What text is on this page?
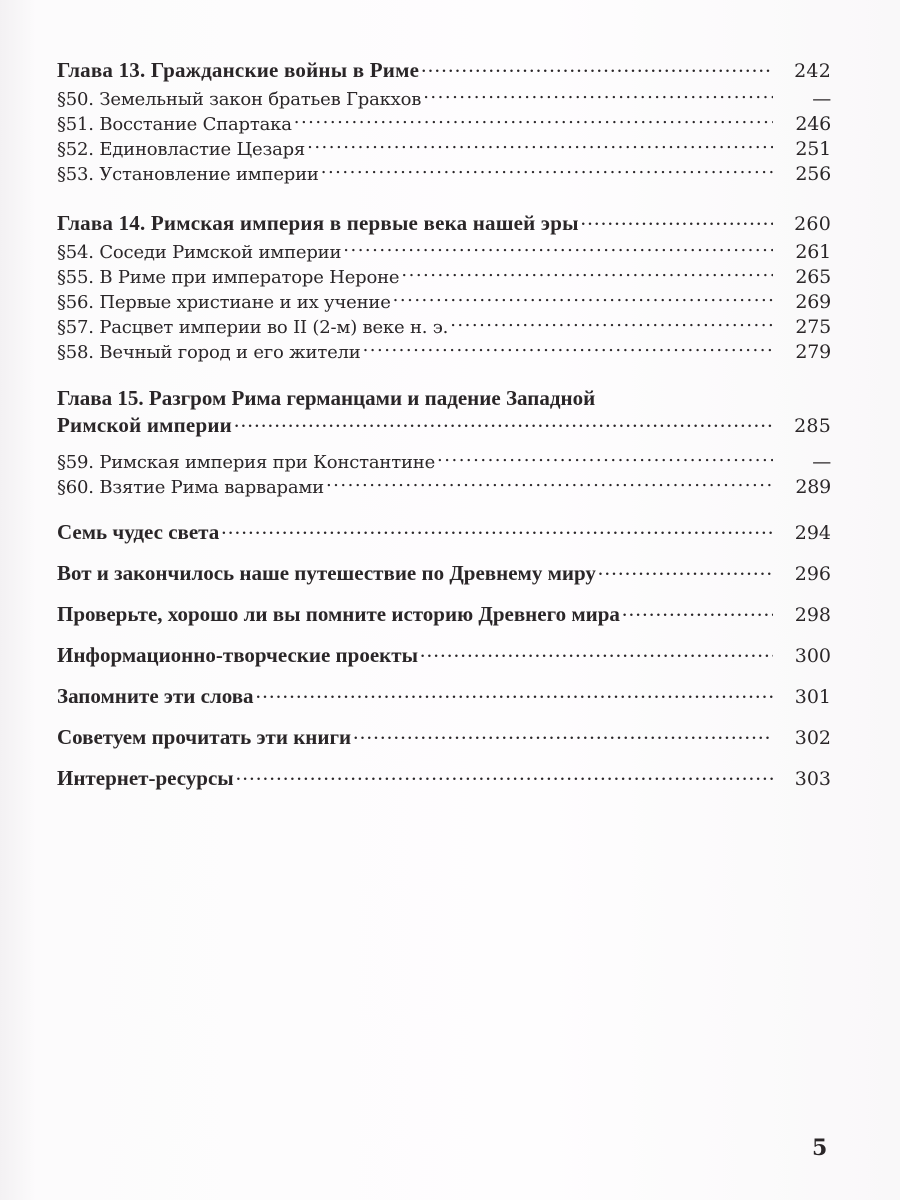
Глава 13. Гражданские войны в Риме .....	242
§50. Земельный закон братьев Гракхов .....	—
§51. Восстание Спартака .....	246
§52. Единовластие Цезаря .....	251
§53. Установление империи .....	256
Глава 14. Римская империя в первые века нашей эры .....	260
§54. Соседи Римской империи .....	261
§55. В Риме при императоре Нероне .....	265
§56. Первые христиане и их учение .....	269
§57. Расцвет империи во II (2-м) веке н. э. .....	275
§58. Вечный город и его жители .....	279
Глава 15. Разгром Рима германцами и падение Западной
Римской империи .....	285
§59. Римская империя при Константине .....	—
§60. Взятие Рима варварами .....	289
Семь чудес света .....	294
Вот и закончилось наше путешествие по Древнему миру .....	296
Проверьте, хорошо ли вы помните историю Древнего мира .....	298
Информационно-творческие проекты .....	300
Запомните эти слова .....	301
Советуем прочитать эти книги .....	302
Интернет-ресурсы .....	303
5
